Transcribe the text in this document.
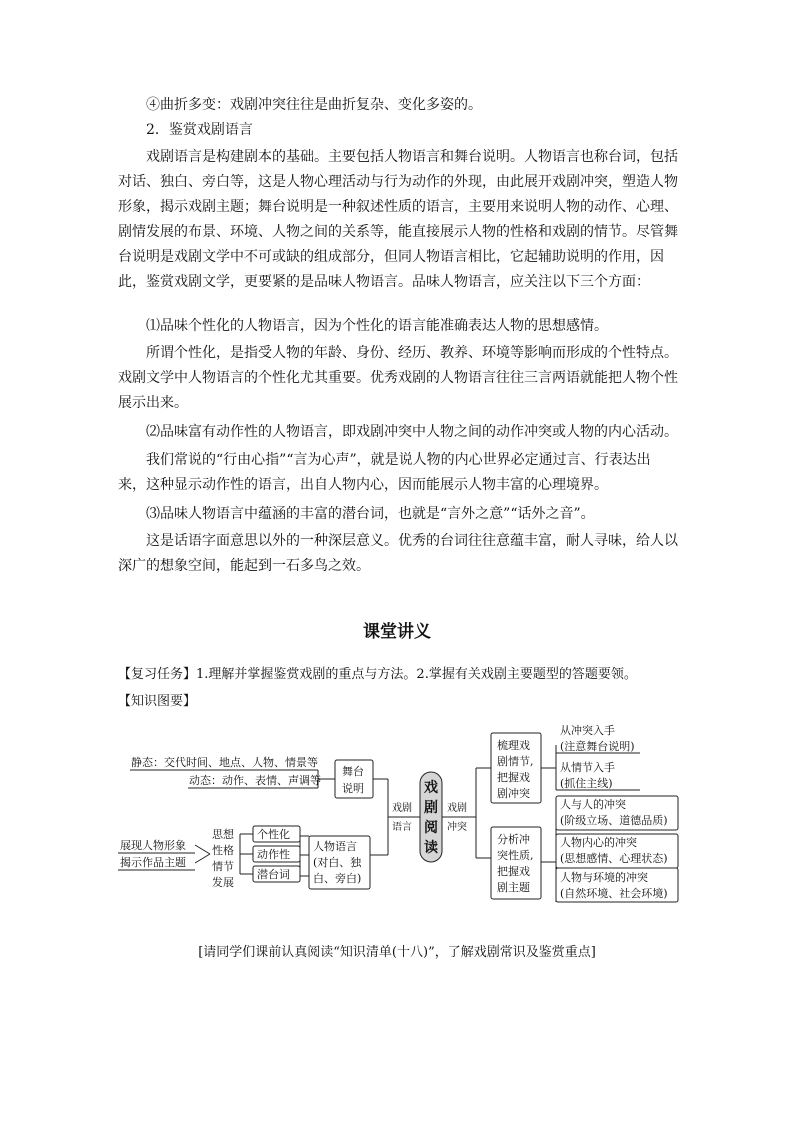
④曲折多变：戏剧冲突往往是曲折复杂、变化多姿的。

2．鉴赏戏剧语言

戏剧语言是构建剧本的基础。主要包括人物语言和舞台说明。人物语言也称台词，包括对话、独白、旁白等，这是人物心理活动与行为动作的外现，由此展开戏剧冲突，塑造人物形象，揭示戏剧主题；舞台说明是一种叙述性质的语言，主要用来说明人物的动作、心理、剧情发展的布景、环境、人物之间的关系等，能直接展示人物的性格和戏剧的情节。尽管舞台说明是戏剧文学中不可或缺的组成部分，但同人物语言相比，它起辅助说明的作用，因此，鉴赏戏剧文学，更要紧的是品味人物语言。品味人物语言，应关注以下三个方面：

⑴品味个性化的人物语言，因为个性化的语言能准确表达人物的思想感情。

所谓个性化，是指受人物的年龄、身份、经历、教养、环境等影响而形成的个性特点。戏剧文学中人物语言的个性化尤其重要。优秀戏剧的人物语言往往三言两语就能把人物个性展示出来。

⑵品味富有动作性的人物语言，即戏剧冲突中人物之间的动作冲突或人物的内心活动。

我们常说的“行由心指”“言为心声”，就是说人物的内心世界必定通过言、行表达出来，这种显示动作性的语言，出自人物内心，因而能展示人物丰富的心理境界。

⑶品味人物语言中蕴涵的丰富的潜台词，也就是“言外之意”“话外之音”。

这是话语字面意思以外的一种深层意义。优秀的台词往往意蕴丰富，耐人寻味，给人以深广的想象空间，能起到一石多鸟之效。

课堂讲义
【复习任务】1.理解并掌握鉴赏戏剧的重点与方法。2.掌握有关戏剧主要题型的答题要领。
【知识图要】
静态：交代时间、地点、人物、情景等
动态：动作、表情、声调等
舞台
说明
戏剧
语言
戏剧
冲突
戏
剧
阅
读
梳理戏
剧情节,
把握戏
剧冲突
分析冲
突性质,
把握戏
剧主题
从冲突入手
(注意舞台说明)
从情节入手
(抓住主线)
人与人的冲突
(阶级立场、道德品质)
人物内心的冲突
(思想感情、心理状态)
人物与环境的冲突
(自然环境、社会环境)
人物语言
(对白、独
白、旁白)
个性化
动作性
潜台词
思想
性格
情节
发展
展现人物形象
揭示作品主题
[请同学们课前认真阅读“知识清单(十八)”，了解戏剧常识及鉴赏重点]
